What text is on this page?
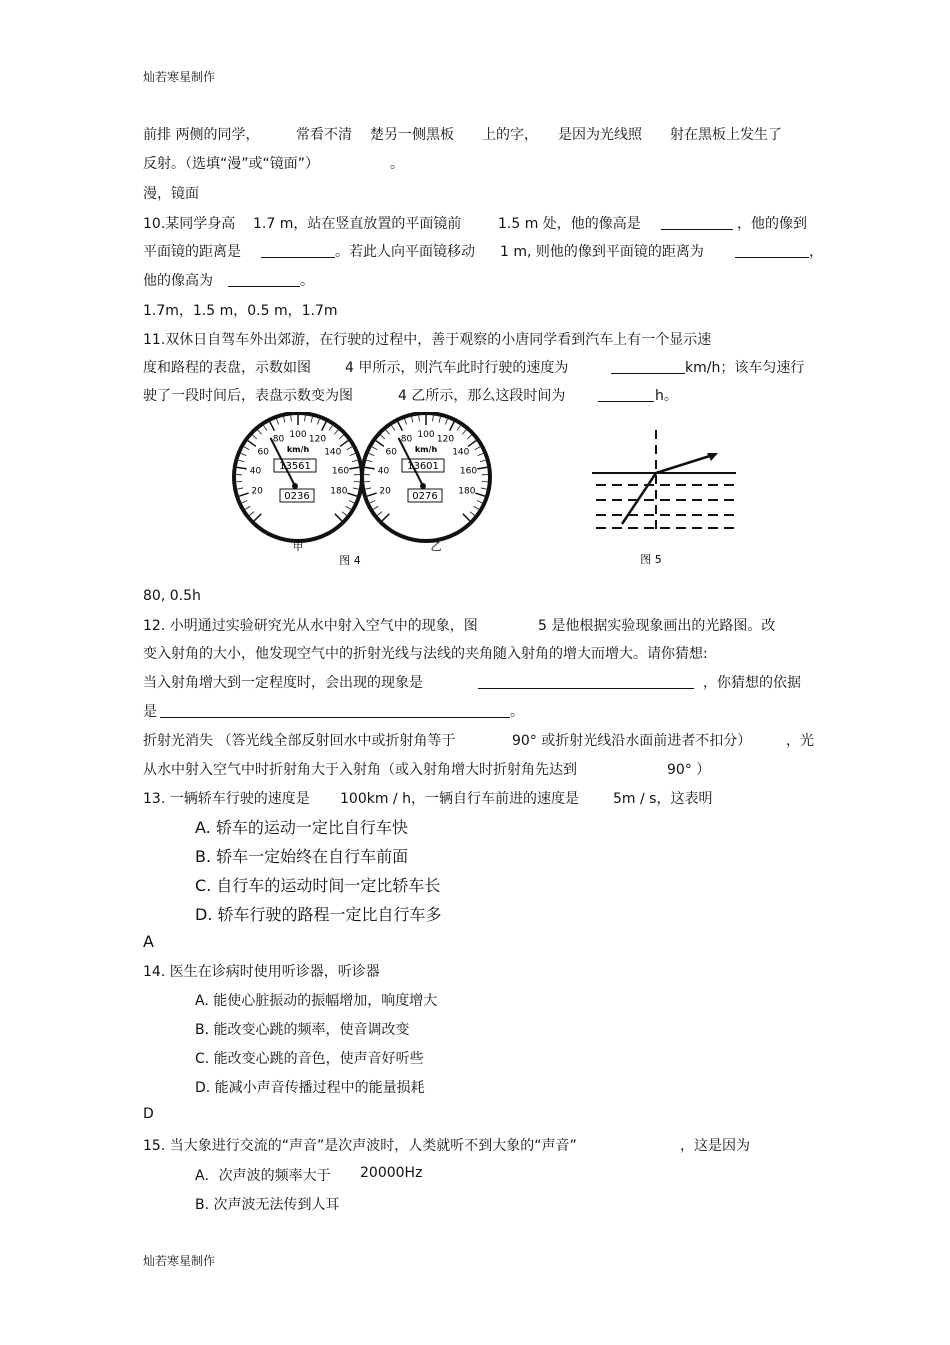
灿若寒星制作
前排 两侧的同学，	常看不清 楚另一侧黑板 上的字， 是因为光线照 射在黑板上发生了
反射。（选填“漫”或“镜面”）	。
漫，镜面
10.某同学身高 1.7 m，站在竖直放置的平面镜前	1.5 m 处，他的像高是	，他的像到
平面镜的距离是	。若此人向平面镜移动 1 m, 则他的像到平面镜的距离为	，
他的像高为	。
1.7m，1.5 m，0.5 m，1.7m
11.双休日自驾车外出郊游，在行驶的过程中，善于观察的小唐同学看到汽车上有一个显示速
度和路程的表盘，示数如图 4 甲所示，则汽车此时行驶的速度为	km/h；该车匀速行
驶了一段时间后，表盘示数变为图	4 乙所示，那么这段时间为	h。
20
40
60
80 100 120
140
160
180
13561
km/h
0236
甲
20
40
60
80 100 120
140
160
180
13601
km/h
0276
乙
图 4	图 5
80, 0.5h
12. 小明通过实验研究光从水中射入空气中的现象，图	5 是他根据实验现象画出的光路图。改
变入射角的大小，他发现空气中的折射光线与法线的夹角随入射角的增大而增大。请你猜想:
当入射角增大到一定程度时，会出现的现象是	，你猜想的依据
是	。
折射光消失 （答光线全部反射回水中或折射角等于	90° 或折射光线沿水面前进者不扣分） ，光
从水中射入空气中时折射角大于入射角（或入射角增大时折射角先达到	90° ）
13. 一辆轿车行驶的速度是 100km ∕ h，一辆自行车前进的速度是 5m ∕ s，这表明
A. 轿车的运动一定比自行车快
B. 轿车一定始终在自行车前面
C. 自行车的运动时间一定比轿车长
D. 轿车行驶的路程一定比自行车多
A
14. 医生在诊病时使用听诊器，听诊器
A. 能使心脏振动的振幅增加，响度增大
B. 能改变心跳的频率，使音调改变
C. 能改变心跳的音色，使声音好听些
D. 能减小声音传播过程中的能量损耗
D
15. 当大象进行交流的“声音”是次声波时，人类就听不到大象的“声音”	，这是因为
A．次声波的频率大于 20000Hz
B. 次声波无法传到人耳
灿若寒星制作
